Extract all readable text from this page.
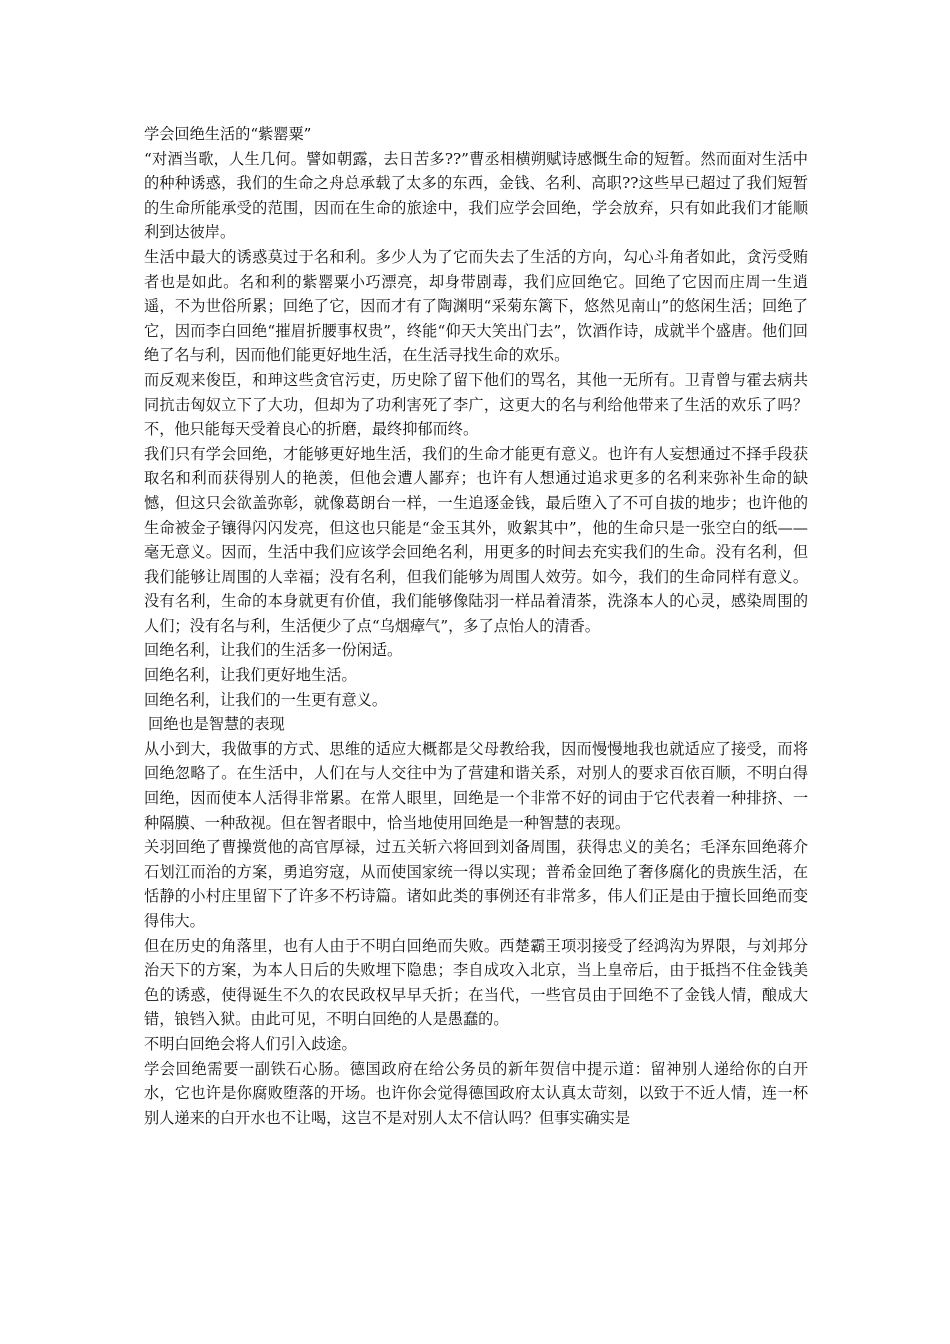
学会回绝生活的“紫罂粟”

“对酒当歌，人生几何。譬如朝露，去日苦多??”曹丞相横朔赋诗感慨生命的短暂。然而面对生活中的种种诱惑，我们的生命之舟总承载了太多的东西，金钱、名利、高职??这些早已超过了我们短暂的生命所能承受的范围，因而在生命的旅途中，我们应学会回绝，学会放弃，只有如此我们才能顺利到达彼岸。

生活中最大的诱惑莫过于名和利。多少人为了它而失去了生活的方向，勾心斗角者如此，贪污受贿者也是如此。名和利的紫罂粟小巧漂亮，却身带剧毒，我们应回绝它。回绝了它因而庄周一生逍遥，不为世俗所累；回绝了它，因而才有了陶渊明“采菊东篱下，悠然见南山”的悠闲生活；回绝了它，因而李白回绝“摧眉折腰事权贵”，终能“仰天大笑出门去”，饮酒作诗，成就半个盛唐。他们回绝了名与利，因而他们能更好地生活，在生活寻找生命的欢乐。

而反观来俊臣，和珅这些贪官污吏，历史除了留下他们的骂名，其他一无所有。卫青曾与霍去病共同抗击匈奴立下了大功，但却为了功利害死了李广，这更大的名与利给他带来了生活的欢乐了吗？不，他只能每天受着良心的折磨，最终抑郁而终。

我们只有学会回绝，才能够更好地生活，我们的生命才能更有意义。也许有人妄想通过不择手段获取名和利而获得别人的艳羡，但他会遭人鄙弃；也许有人想通过追求更多的名利来弥补生命的缺憾，但这只会欲盖弥彰，就像葛朗台一样，一生追逐金钱，最后堕入了不可自拔的地步；也许他的生命被金子镶得闪闪发亮，但这也只能是“金玉其外，败絮其中”，他的生命只是一张空白的纸——毫无意义。因而，生活中我们应该学会回绝名利，用更多的时间去充实我们的生命。没有名利，但我们能够让周围的人幸福；没有名利，但我们能够为周围人效劳。如今，我们的生命同样有意义。没有名利，生命的本身就更有价值，我们能够像陆羽一样品着清茶，洗涤本人的心灵，感染周围的人们；没有名与利，生活便少了点“乌烟瘴气”，多了点怡人的清香。

回绝名利，让我们的生活多一份闲适。

回绝名利，让我们更好地生活。

回绝名利，让我们的一生更有意义。

回绝也是智慧的表现

从小到大，我做事的方式、思维的适应大概都是父母教给我，因而慢慢地我也就适应了接受，而将回绝忽略了。在生活中，人们在与人交往中为了营建和谐关系，对别人的要求百依百顺，不明白得回绝，因而使本人活得非常累。在常人眼里，回绝是一个非常不好的词由于它代表着一种排挤、一种隔膜、一种敌视。但在智者眼中，恰当地使用回绝是一种智慧的表现。

关羽回绝了曹操赏他的高官厚禄，过五关斩六将回到刘备周围，获得忠义的美名；毛泽东回绝蒋介石划江而治的方案，勇追穷寇，从而使国家统一得以实现；普希金回绝了奢侈腐化的贵族生活，在恬静的小村庄里留下了许多不朽诗篇。诸如此类的事例还有非常多，伟人们正是由于擅长回绝而变得伟大。

但在历史的角落里，也有人由于不明白回绝而失败。西楚霸王项羽接受了经鸿沟为界限，与刘邦分治天下的方案，为本人日后的失败埋下隐患；李自成攻入北京，当上皇帝后，由于抵挡不住金钱美色的诱惑，使得诞生不久的农民政权早早夭折；在当代，一些官员由于回绝不了金钱人情，酿成大错，锒铛入狱。由此可见，不明白回绝的人是愚蠢的。

不明白回绝会将人们引入歧途。

学会回绝需要一副铁石心肠。德国政府在给公务员的新年贺信中提示道：留神别人递给你的白开水，它也许是你腐败堕落的开场。也许你会觉得德国政府太认真太苛刻，以致于不近人情，连一杯别人递来的白开水也不让喝，这岂不是对别人太不信认吗？但事实确实是
